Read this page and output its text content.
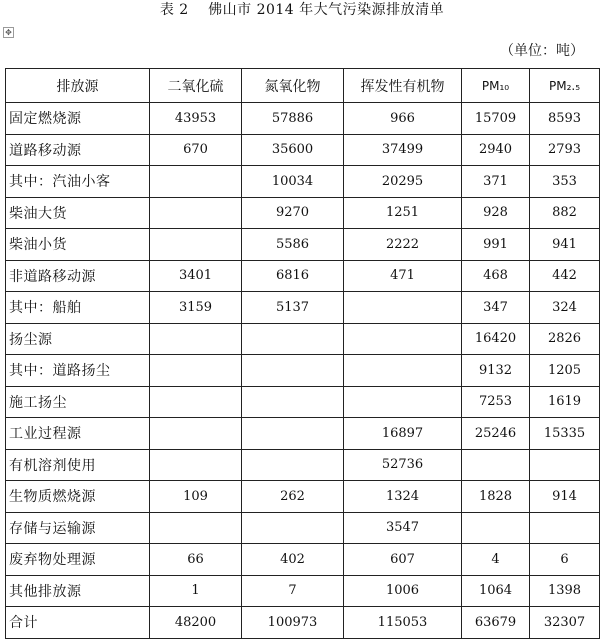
表 2　 佛山市 2014 年大气污染源排放清单
✥
（单位：吨）
排放源	二氧化硫	氮氧化物	挥发性有机物	PM₁₀	PM₂.₅
固定燃烧源	43953	57886	966	15709	8593
道路移动源	670	35600	37499	2940	2793
其中：汽油小客		10034	20295	371	353
柴油大货		9270	1251	928	882
柴油小货		5586	2222	991	941
非道路移动源	3401	6816	471	468	442
其中：船舶	3159	5137		347	324
扬尘源				16420	2826
其中：道路扬尘				9132	1205
施工扬尘				7253	1619
工业过程源			16897	25246	15335
有机溶剂使用			52736		
生物质燃烧源	109	262	1324	1828	914
存储与运输源			3547		
废弃物处理源	66	402	607	4	6
其他排放源	1	7	1006	1064	1398
合计	48200	100973	115053	63679	32307
